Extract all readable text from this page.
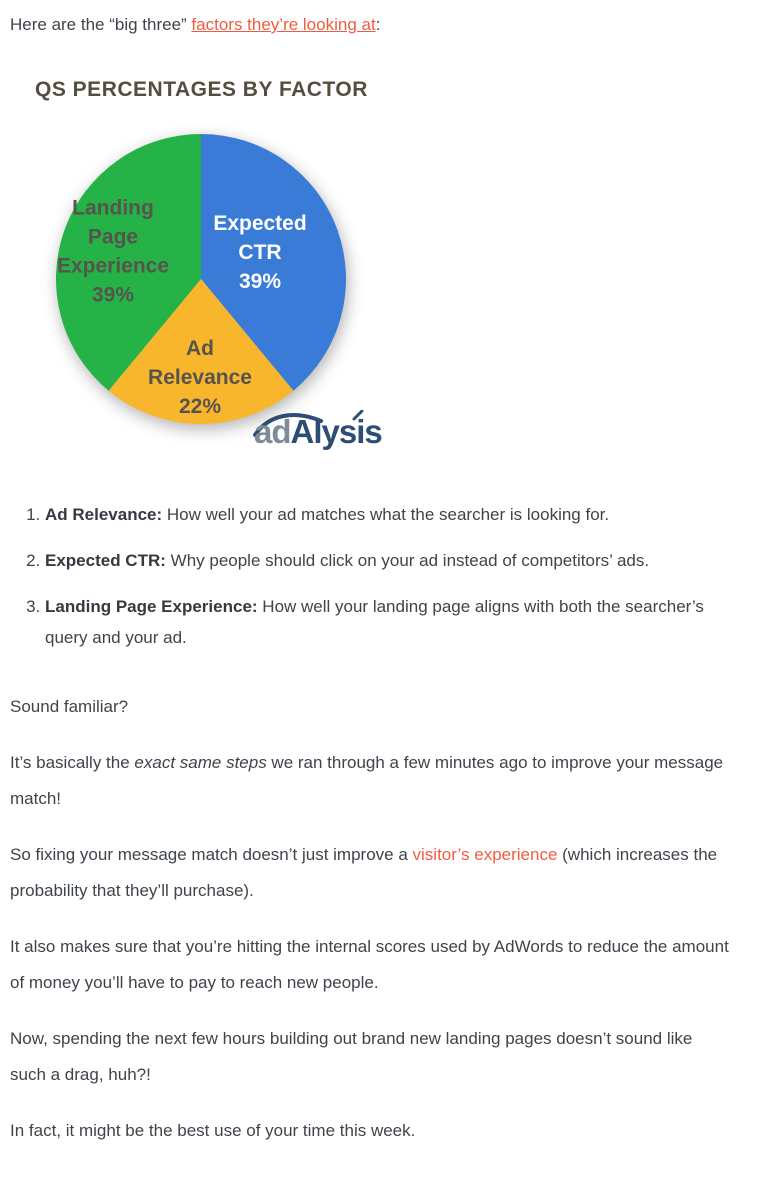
Here are the “big three” factors they’re looking at:

QS PERCENTAGES BY FACTOR
Expected CTR 39%
Ad Relevance 22%
Landing Page Experience 39%
adAlysis
1. Ad Relevance: How well your ad matches what the searcher is looking for.
2. Expected CTR: Why people should click on your ad instead of competitors’ ads.
3. Landing Page Experience: How well your landing page aligns with both the searcher’s query and your ad.

Sound familiar?

It’s basically the exact same steps we ran through a few minutes ago to improve your message match!

So fixing your message match doesn’t just improve a visitor’s experience (which increases the probability that they’ll purchase).

It also makes sure that you’re hitting the internal scores used by AdWords to reduce the amount of money you’ll have to pay to reach new people.

Now, spending the next few hours building out brand new landing pages doesn’t sound like such a drag, huh?!

In fact, it might be the best use of your time this week.
